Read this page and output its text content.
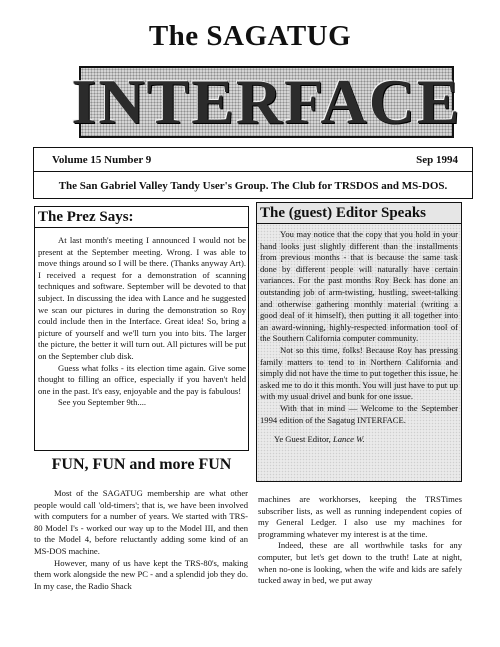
The SAGATUG
INTERFACE
Volume 15 Number 9	Sep 1994
The San Gabriel Valley Tandy User's Group. The Club for TRSDOS and MS-DOS.
The Prez Says:

At last month's meeting I announced I would not be present at the September meeting. Wrong. I was able to move things around so I will be there. (Thanks anyway Art). I received a request for a demonstration of scanning techniques and software. September will be devoted to that subject. In discussing the idea with Lance and he suggested we scan our pictures in during the demonstration so Roy could include then in the Interface. Great idea! So, bring a picture of yourself and we'll turn you into bits. The larger the picture, the better it will turn out. All pictures will be put on the September club disk.

Guess what folks - its election time again. Give some thought to filling an office, especially if you haven't held one in the past. It's easy, enjoyable and the pay is fabulous!

See you September 9th....

The (guest) Editor Speaks

You may notice that the copy that you hold in your hand looks just slightly different than the installments from previous months - that is because the same task done by different people will naturally have certain variances. For the past months Roy Beck has done an outstanding job of arm-twisting, hustling, sweet-talking and otherwise gathering monthly material (writing a good deal of it himself), then putting it all together into an award-winning, highly-respected information tool of the Southern California computer community.

Not so this time, folks! Because Roy has pressing family matters to tend to in Northern California and simply did not have the time to put together this issue, he asked me to do it this month. You will just have to put up with my usual drivel and bunk for one issue.

With that in mind — Welcome to the September 1994 edition of the Sagatug INTERFACE.

Ye Guest Editor, Lance W.
FUN, FUN and more FUN

Most of the SAGATUG membership are what other people would call 'old-timers'; that is, we have been involved with computers for a number of years. We started with TRS-80 Model I's - worked our way up to the Model III, and then to the Model 4, before reluctantly adding some kind of an MS-DOS machine.

However, many of us have kept the TRS-80's, making them work alongside the new PC - and a splendid job they do. In my case, the Radio Shack

machines are workhorses, keeping the TRSTimes subscriber lists, as well as running independent copies of my General Ledger. I also use my machines for programming whatever my interest is at the time.

Indeed, these are all worthwhile tasks for any computer, but let's get down to the truth! Late at night, when no-one is looking, when the wife and kids are safely tucked away in bed, we put away
